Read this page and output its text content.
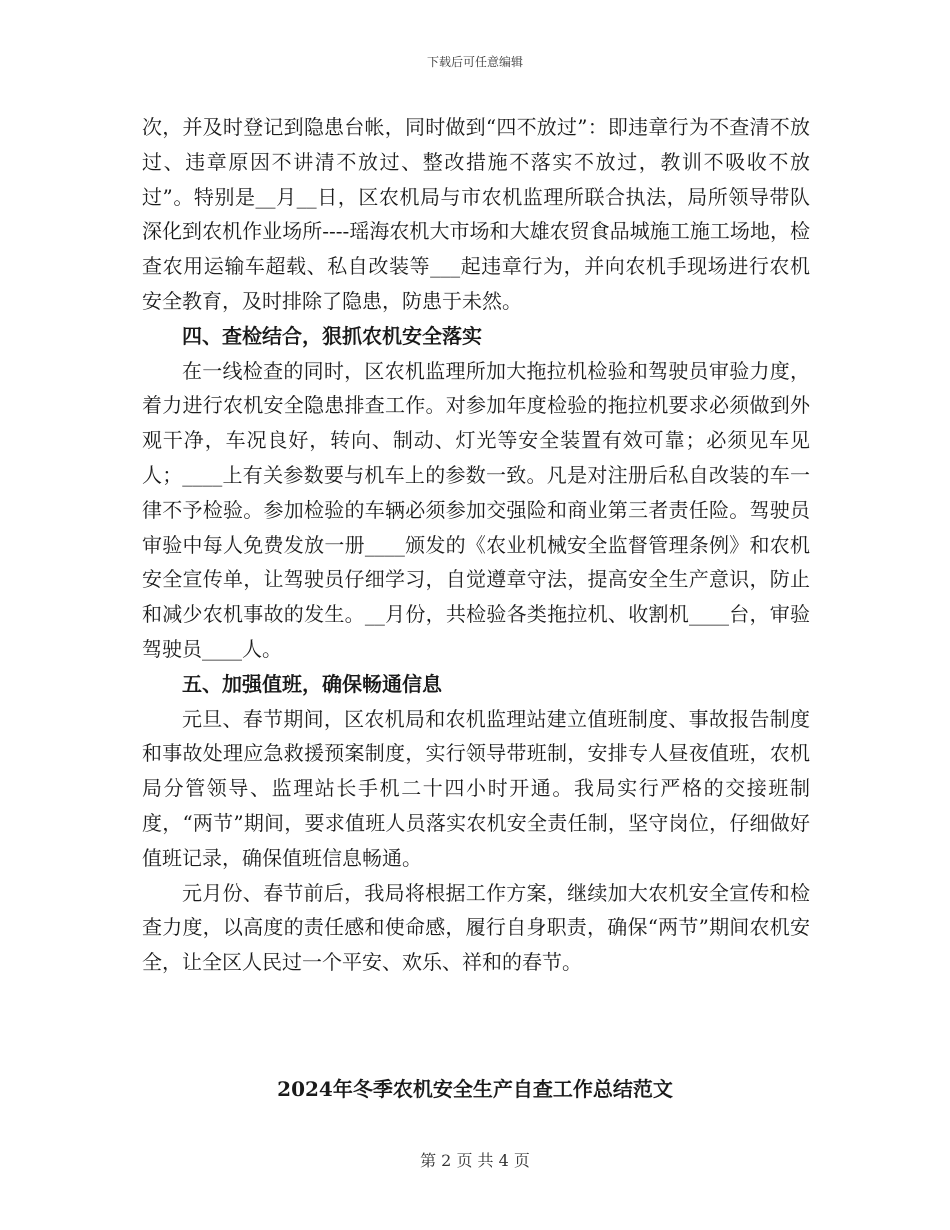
下载后可任意编辑

次，并及时登记到隐患台帐，同时做到“四不放过”：即违章行为不查清不放过、违章原因不讲清不放过、整改措施不落实不放过，教训不吸收不放过”。特别是__月__日，区农机局与市农机监理所联合执法，局所领导带队深化到农机作业场所----瑶海农机大市场和大雄农贸食品城施工施工场地，检查农用运输车超载、私自改装等___起违章行为，并向农机手现场进行农机安全教育，及时排除了隐患，防患于未然。

四、查检结合，狠抓农机安全落实

在一线检查的同时，区农机监理所加大拖拉机检验和驾驶员审验力度，着力进行农机安全隐患排查工作。对参加年度检验的拖拉机要求必须做到外观干净，车况良好，转向、制动、灯光等安全装置有效可靠；必须见车见人；____上有关参数要与机车上的参数一致。凡是对注册后私自改装的车一律不予检验。参加检验的车辆必须参加交强险和商业第三者责任险。驾驶员审验中每人免费发放一册____颁发的《农业机械安全监督管理条例》和农机安全宣传单，让驾驶员仔细学习，自觉遵章守法，提高安全生产意识，防止和减少农机事故的发生。__月份，共检验各类拖拉机、收割机____台，审验驾驶员____人。

五、加强值班，确保畅通信息

元旦、春节期间，区农机局和农机监理站建立值班制度、事故报告制度和事故处理应急救援预案制度，实行领导带班制，安排专人昼夜值班，农机局分管领导、监理站长手机二十四小时开通。我局实行严格的交接班制度，“两节”期间，要求值班人员落实农机安全责任制，坚守岗位，仔细做好值班记录，确保值班信息畅通。

元月份、春节前后，我局将根据工作方案，继续加大农机安全宣传和检查力度，以高度的责任感和使命感，履行自身职责，确保“两节”期间农机安全，让全区人民过一个平安、欢乐、祥和的春节。

2024年冬季农机安全生产自查工作总结范文
第 2 页 共 4 页
